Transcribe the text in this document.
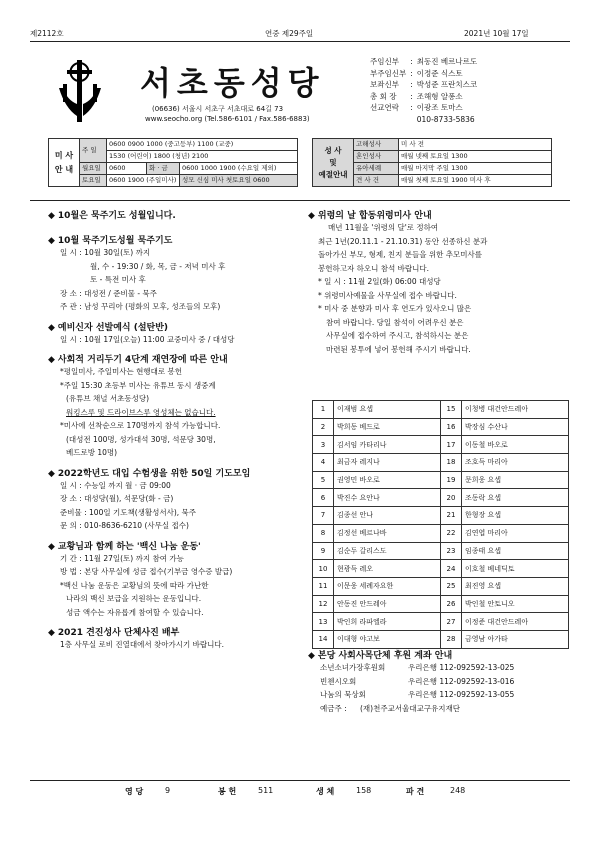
제2112호	연중 제29주일	2021년 10월 17일
서초동성당
(06636) 서울시 서초구 서초대로 64길 73
www.seocho.org (Tel.586-6101 / Fax.586-6883)
주임신부	:	최동진 베르나르도
부주임신부	:	이정준 식스토
보좌신부	:	박성준 프란치스코
총 회 장	:	조해형 알퐁소
선교연락	:	이광조 토마스
		010-8733-5836
미 사
안 내	주 일	0600 0900 1000 (중고등부) 1100 (교중)		
		1530 (어린이) 1800 (청년) 2100		
	월요일	0600	화 · 금	0600 1000 1900 (수요일 제외)
	토요일	0600 1900 (주일미사)		성모 신심 미사 첫토요일 0600
성 사
및
예절안내	고해성사	미 사 전
	혼인성사	매월 넷째 토요일 1300
	유아세례	매월 마지막 주일 1300
	견 사 건	매월 첫째 토요일 1900 미사 후
◆ 10월은 묵주기도 성월입니다.
◆ 10월 묵주기도성월 묵주기도
일 시 : 10월 30일(토) 까지
월, 수 - 19:30 / 화, 목, 금 - 저녁 미사 후
토 - 특전 미사 후
장 소 : 대성전 / 준비물 - 묵주
주 관 : 남성 꾸리아 (평화의 모후, 성조들의 모후)
◆ 예비신자 선발예식 (설탄반)
일 시 : 10월 17일(오늘) 11:00 교중미사 중 / 대성당
◆ 사회적 거리두기 4단계 재연장에 따른 안내
*평일미사, 주일미사는 현행대로 봉헌
*주일 15:30 초등부 미사는 유튜브 동시 생중계
(유튜브 채널 서초동성당)
워킹스루 및 드라이브스루 영성체는 없습니다.
*미사에 선착순으로 170명까지 참석 가능합니다.
(대성전 100명, 성가대석 30명, 석문당 30명,
베드로방 10명)
◆ 2022학년도 대입 수험생을 위한 50일 기도모임
일 시 : 수능일 까지 월 · 금 09:00
장 소 : 대성당(월), 석문당(화 - 금)
준비물 : 100일 기도책(생활성서사), 묵주
문 의 : 010-8636-6210 (사무실 접수)
◆ 교황님과 함께 하는 '백신 나눔 운동'
기 간 : 11월 27일(토) 까지 참여 가능
방 법 : 본당 사무실에 성금 접수(기부금 영수증 발급)
*백신 나눔 운동은 교황님의 뜻에 따라 가난한
나라의 백신 보급을 지원하는 운동입니다.
성금 액수는 자유롭게 참여할 수 있습니다.
◆ 2021 견진성사 단체사진 배부
1층 사무실 로비 진열대에서 찾아가시기 바랍니다.
◆ 위령의 날 합동위령미사 안내
매년 11월을 '위령의 달'로 정하여
최근 1년(20.11.1 - 21.10.31) 동안 선종하신 분과
돌아가신 부모, 형제, 친지 분들을 위한 추모미사를
봉헌하고자 하오니 참석 바랍니다.
* 일 시 : 11월 2일(화) 06:00 대성당
* 위령미사예물을 사무실에 접수 바랍니다.
* 미사 중 분향과 미사 후 연도가 있사오니 많은
참여 바랍니다. 당일 참석이 어려우신 분은
사무실에 접수하여 주시고, 참석하시는 분은
마련된 봉투에 넣어 봉헌해 주시기 바랍니다.
1	이재범 요셉	15	이청병 대건안드레아
2	박희동 베드로	16	박장심 수산나
3	김서임 카타리나	17	이동철 바오로
4	최금자 레지나	18	조호득 마리아
5	권영민 바오로	19	문희웅 요셉
6	박진수 요안나	20	조동락 요셉
7	김종선 안나	21	한형장 요셉
8	김정선 베르나바	22	김연엽 마리아
9	김순두 갈리스도	23	임종태 요셉
10	현광득 레오	24	이호철 베네딕토
11	이문웅 세례자요한	25	최진영 요셉
12	안동진 안드레아	26	박인철 안토니오
13	박인희 라파엘라	27	이정준 대건안드레아
14	이대형 야고보	28	금영남 아가타
◆ 본당 사회사목단체 후원 계좌 안내
소년소녀가장후원회	우리은행 112-092592-13-025
빈첸시오회	우리은행 112-092592-13-016
나눔의 묵상회	우리은행 112-092592-13-055
예금주 : (재)천주교서울대교구유지재단
영 당	9	봉 헌	511	생 체	158	파 견	248
